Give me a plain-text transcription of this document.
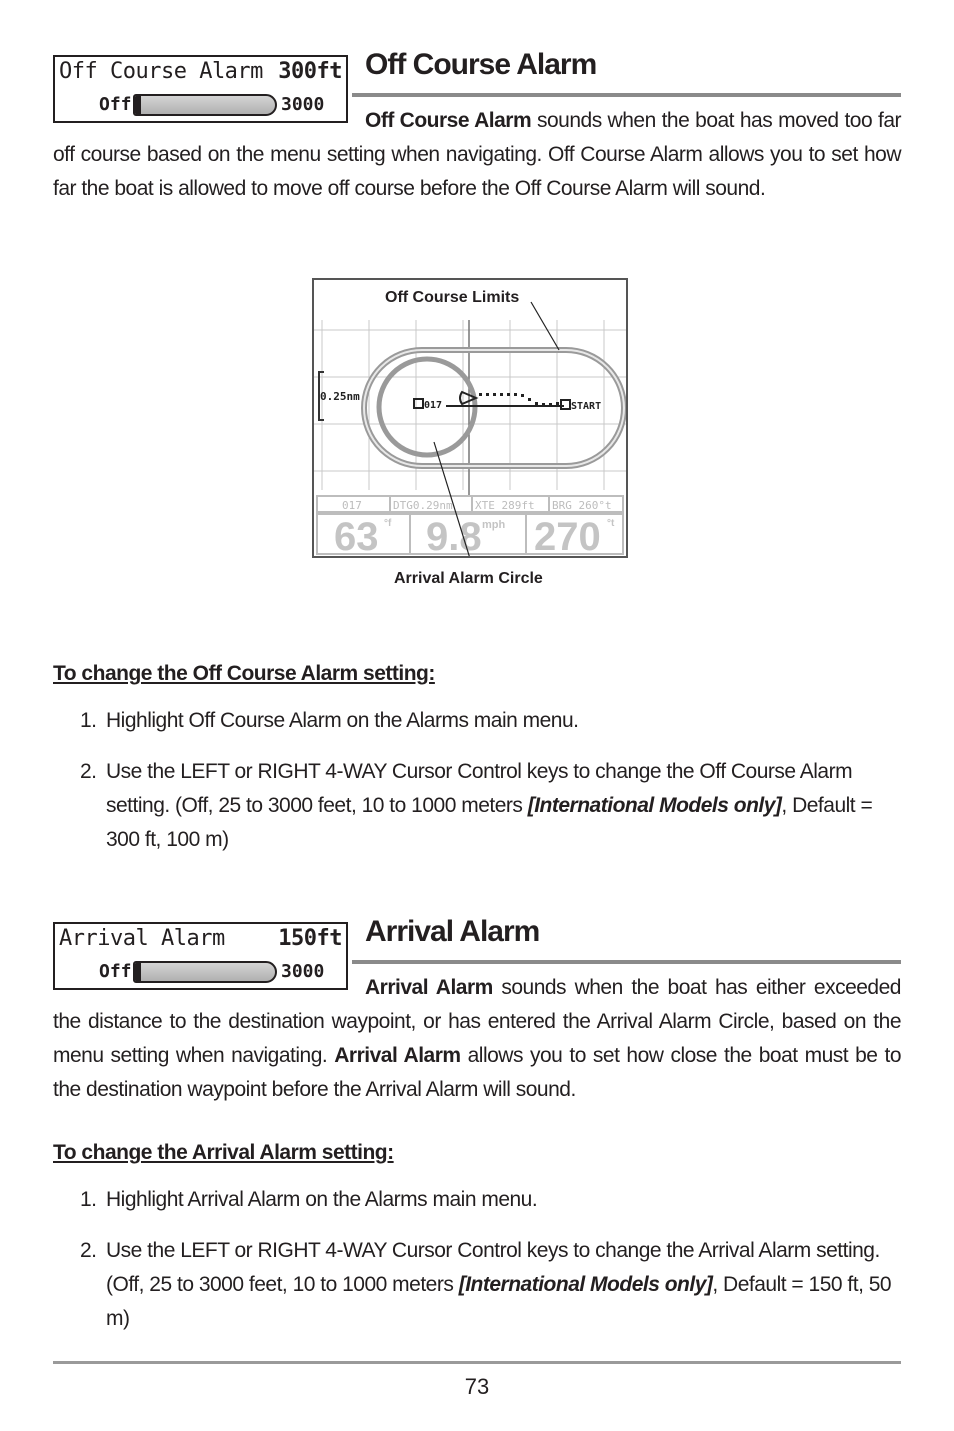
Off Course Alarm 300ft
Off	3000
Off Course Alarm
Off Course Alarm sounds when the boat has moved too far off course based on the menu setting when navigating. Off Course Alarm allows you to set how far the boat is allowed to move off course before the Off Course Alarm will sound.
0.25nm
017	START
017	DTG0.29nm XTE 289ft BRG 260°t
63 °f 9.8 mph 270 °t
Off Course Limits
Arrival Alarm Circle
To change the Off Course Alarm setting:
1. Highlight Off Course Alarm on the Alarms main menu.
2. Use the LEFT or RIGHT 4-WAY Cursor Control keys to change the Off Course Alarm setting. (Off, 25 to 3000 feet, 10 to 1000 meters [International Models only], Default = 300 ft, 100 m)
Arrival Alarm 150ft
Off	3000
Arrival Alarm
Arrival Alarm sounds when the boat has either exceeded the distance to the destination waypoint, or has entered the Arrival Alarm Circle, based on the menu setting when navigating. Arrival Alarm allows you to set how close the boat must be to the destination waypoint before the Arrival Alarm will sound.
To change the Arrival Alarm setting:
1. Highlight Arrival Alarm on the Alarms main menu.
2. Use the LEFT or RIGHT 4-WAY Cursor Control keys to change the Arrival Alarm setting. (Off, 25 to 3000 feet, 10 to 1000 meters [International Models only], Default = 150 ft, 50 m)
73
